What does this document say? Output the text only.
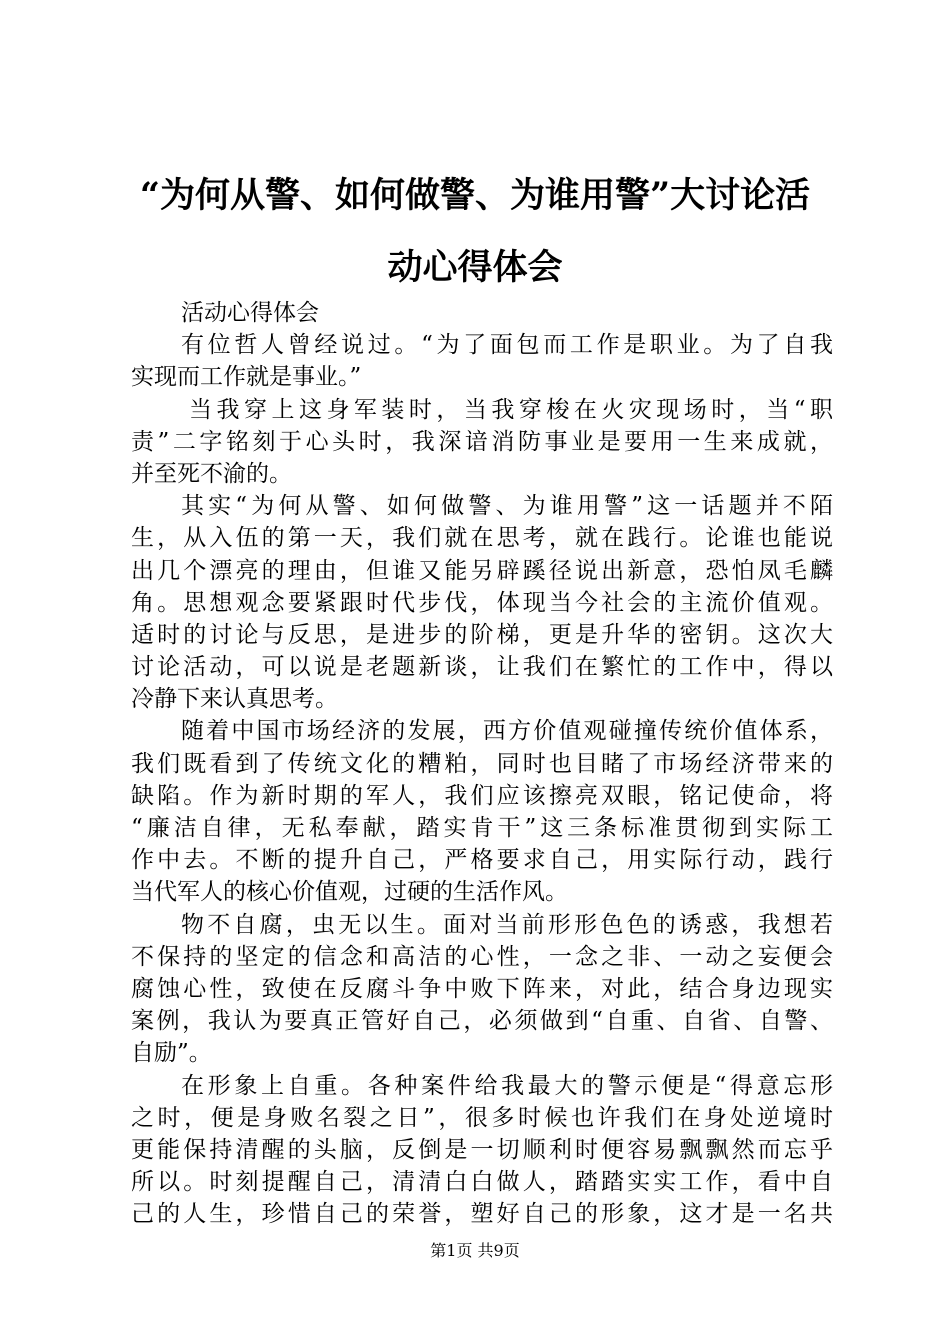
“为何从警、如何做警、为谁用警”大讨论活
动心得体会
活动心得体会
有位哲人曾经说过。“为了面包而工作是职业。为了自我
实现而工作就是事业。”
当我穿上这身军装时，当我穿梭在火灾现场时，当“职
责”二字铭刻于心头时，我深谙消防事业是要用一生来成就，
并至死不渝的。
其实“为何从警、如何做警、为谁用警”这一话题并不陌
生，从入伍的第一天，我们就在思考，就在践行。论谁也能说
出几个漂亮的理由，但谁又能另辟蹊径说出新意，恐怕凤毛麟
角。思想观念要紧跟时代步伐，体现当今社会的主流价值观。
适时的讨论与反思，是进步的阶梯，更是升华的密钥。这次大
讨论活动，可以说是老题新谈，让我们在繁忙的工作中，得以
冷静下来认真思考。
随着中国市场经济的发展，西方价值观碰撞传统价值体系，
我们既看到了传统文化的糟粕，同时也目睹了市场经济带来的
缺陷。作为新时期的军人，我们应该擦亮双眼，铭记使命，将
“廉洁自律，无私奉献，踏实肯干”这三条标准贯彻到实际工
作中去。不断的提升自己，严格要求自己，用实际行动，践行
当代军人的核心价值观，过硬的生活作风。
物不自腐，虫无以生。面对当前形形色色的诱惑，我想若
不保持的坚定的信念和高洁的心性，一念之非、一动之妄便会
腐蚀心性，致使在反腐斗争中败下阵来，对此，结合身边现实
案例，我认为要真正管好自己，必须做到“自重、自省、自警、
自励”。
在形象上自重。各种案件给我最大的警示便是“得意忘形
之时，便是身败名裂之日”，很多时候也许我们在身处逆境时
更能保持清醒的头脑，反倒是一切顺利时便容易飘飘然而忘乎
所以。时刻提醒自己，清清白白做人，踏踏实实工作，看中自
己的人生，珍惜自己的荣誉，塑好自己的形象，这才是一名共
第1页 共9页
